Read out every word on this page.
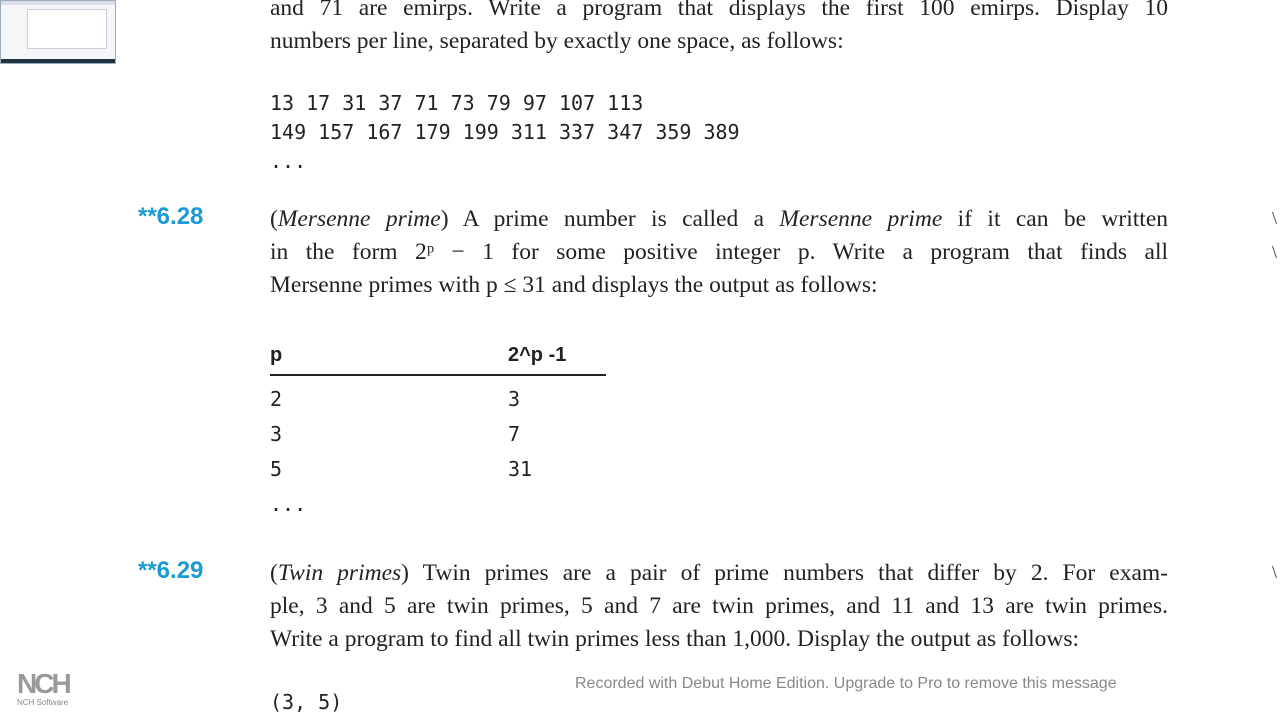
and 71 are emirps. Write a program that displays the first 100 emirps. Display 10
numbers per line, separated by exactly one space, as follows:
13 17 31 37 71 73 79 97 107 113
149 157 167 179 199 311 337 347 359 389
...
**6.28	(Mersenne prime) A prime number is called a Mersenne prime if it can be written
in the form 2ᵖ − 1 for some positive integer p. Write a program that finds all
Mersenne primes with p ≤ 31 and displays the output as follows:
p	2^p -1
2	3
3	7
5	31
...
**6.29	(Twin primes) Twin primes are a pair of prime numbers that differ by 2. For exam-
ple, 3 and 5 are twin primes, 5 and 7 are twin primes, and 11 and 13 are twin primes.
Write a program to find all twin primes less than 1,000. Display the output as follows:
(3, 5)
\
\
\
NCH
NCH Software
Recorded with Debut Home Edition. Upgrade to Pro to remove this message
